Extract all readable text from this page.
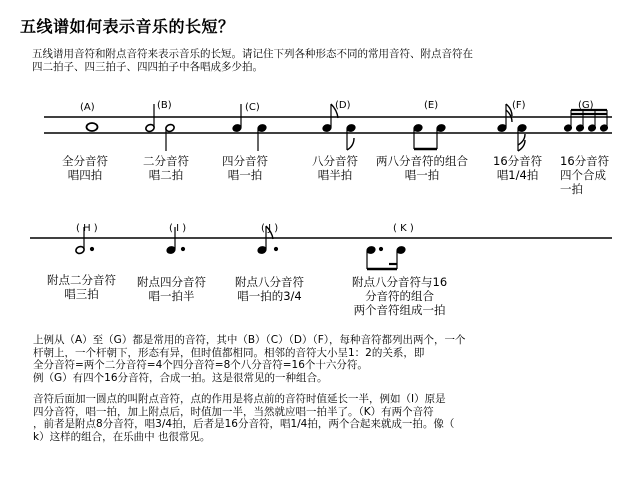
五线谱如何表示音乐的长短？
五线谱用音符和附点音符来表示音乐的长短。请记住下列各种形态不同的常用音符、附点音符在
四二拍子、四三拍子、四四拍子中各唱成多少拍。
(A)	(B)	(C)	(D)	(E)	(F)	(G)
全分音符
唱四拍
二分音符
唱二拍
四分音符
唱一拍
八分音符
唱半拍
两八分音符的组合
唱一拍
16分音符
唱1/4拍
16分音符
四个合成
一拍
( H )	( I )	( J )	( K )
附点二分音符
唱三拍
附点四分音符
唱一拍半
附点八分音符
唱一拍的3/4
附点八分音符与16
分音符的组合
两个音符组成一拍
上例从（A）至（G）都是常用的音符，其中（B）（C）（D）（F），每种音符都列出两个，一个
杆朝上，一个杆朝下，形态有异，但时值都相同。相邻的音符大小呈1：2的关系，即
全分音符=两个二分音符=4个四分音符=8个八分音符=16个十六分符。
例（G）有四个16分音符，合成一拍。这是很常见的一种组合。
音符后面加一圆点的叫附点音符，点的作用是将点前的音符时值延长一半，例如（I）原是
四分音符，唱一拍，加上附点后，时值加一半，当然就应唱一拍半了。（K）有两个音符
，前者是附点8分音符，唱3/4拍，后者是16分音符，唱1/4拍，两个合起来就成一拍。像（
k）这样的组合，在乐曲中 也很常见。
